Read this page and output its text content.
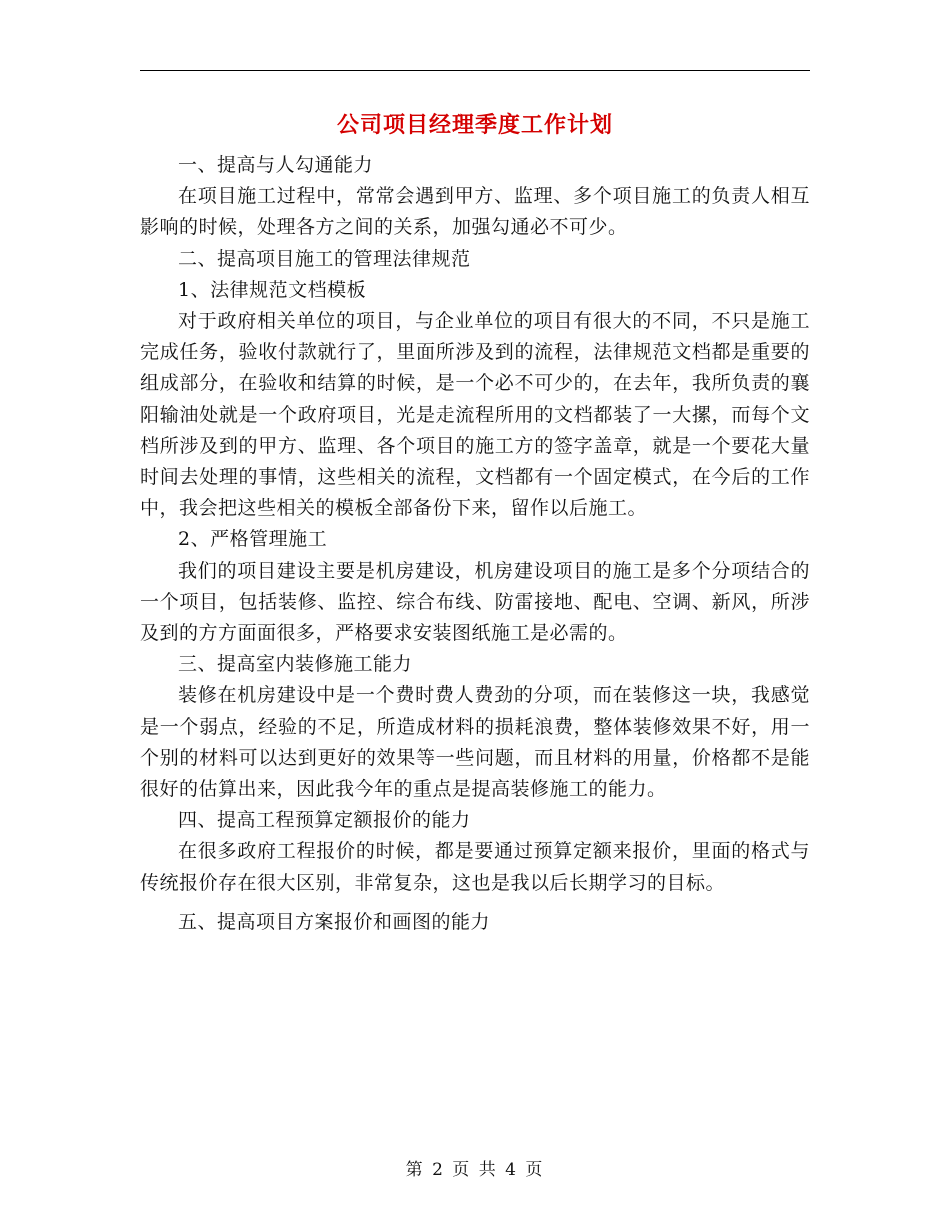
公司项目经理季度工作计划

一、提高与人勾通能力

在项目施工过程中，常常会遇到甲方、监理、多个项目施工的负责人相互影响的时候，处理各方之间的关系，加强勾通必不可少。

二、提高项目施工的管理法律规范

1、法律规范文档模板

对于政府相关单位的项目，与企业单位的项目有很大的不同，不只是施工完成任务，验收付款就行了，里面所涉及到的流程，法律规范文档都是重要的组成部分，在验收和结算的时候，是一个必不可少的，在去年，我所负责的襄阳输油处就是一个政府项目，光是走流程所用的文档都装了一大摞，而每个文档所涉及到的甲方、监理、各个项目的施工方的签字盖章，就是一个要花大量时间去处理的事情，这些相关的流程，文档都有一个固定模式，在今后的工作中，我会把这些相关的模板全部备份下来，留作以后施工。

2、严格管理施工

我们的项目建设主要是机房建设，机房建设项目的施工是多个分项结合的一个项目，包括装修、监控、综合布线、防雷接地、配电、空调、新风，所涉及到的方方面面很多，严格要求安装图纸施工是必需的。

三、提高室内装修施工能力

装修在机房建设中是一个费时费人费劲的分项，而在装修这一块，我感觉是一个弱点，经验的不足，所造成材料的损耗浪费，整体装修效果不好，用一个别的材料可以达到更好的效果等一些问题，而且材料的用量，价格都不是能很好的估算出来，因此我今年的重点是提高装修施工的能力。

四、提高工程预算定额报价的能力

在很多政府工程报价的时候，都是要通过预算定额来报价，里面的格式与传统报价存在很大区别，非常复杂，这也是我以后长期学习的目标。

五、提高项目方案报价和画图的能力

第 2 页 共 4 页
